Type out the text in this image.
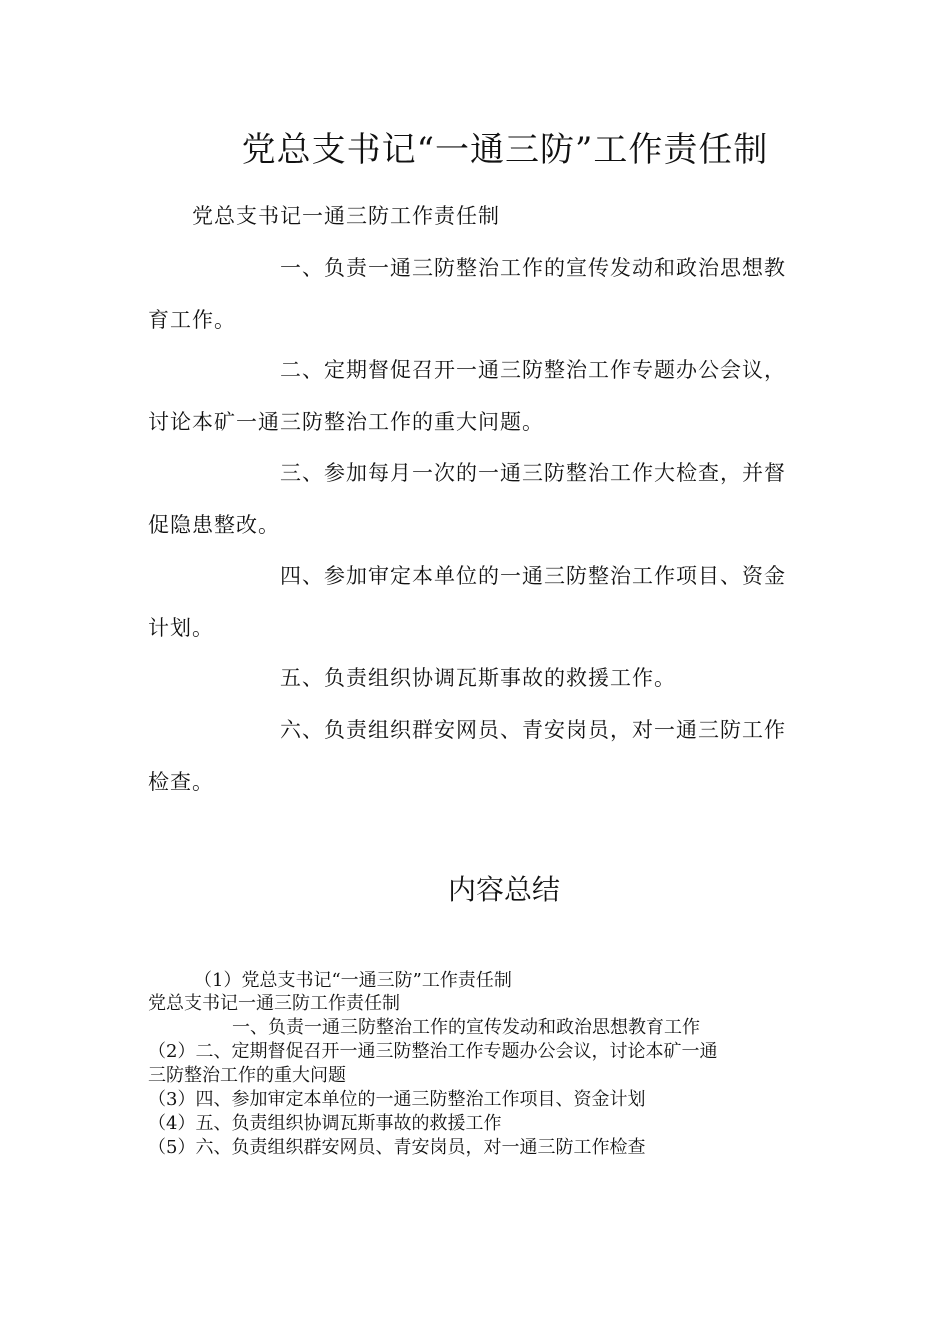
党总支书记“一通三防”工作责任制
党总支书记一通三防工作责任制
一、负责一通三防整治工作的宣传发动和政治思想教
育工作。
二、定期督促召开一通三防整治工作专题办公会议，
讨论本矿一通三防整治工作的重大问题。
三、参加每月一次的一通三防整治工作大检查，并督
促隐患整改。
四、参加审定本单位的一通三防整治工作项目、资金
计划。
五、负责组织协调瓦斯事故的救援工作。
六、负责组织群安网员、青安岗员，对一通三防工作
检查。
内容总结
（1）党总支书记“一通三防”工作责任制
党总支书记一通三防工作责任制
一、负责一通三防整治工作的宣传发动和政治思想教育工作
（2）二、定期督促召开一通三防整治工作专题办公会议，讨论本矿一通
三防整治工作的重大问题
（3）四、参加审定本单位的一通三防整治工作项目、资金计划
（4）五、负责组织协调瓦斯事故的救援工作
（5）六、负责组织群安网员、青安岗员，对一通三防工作检查
